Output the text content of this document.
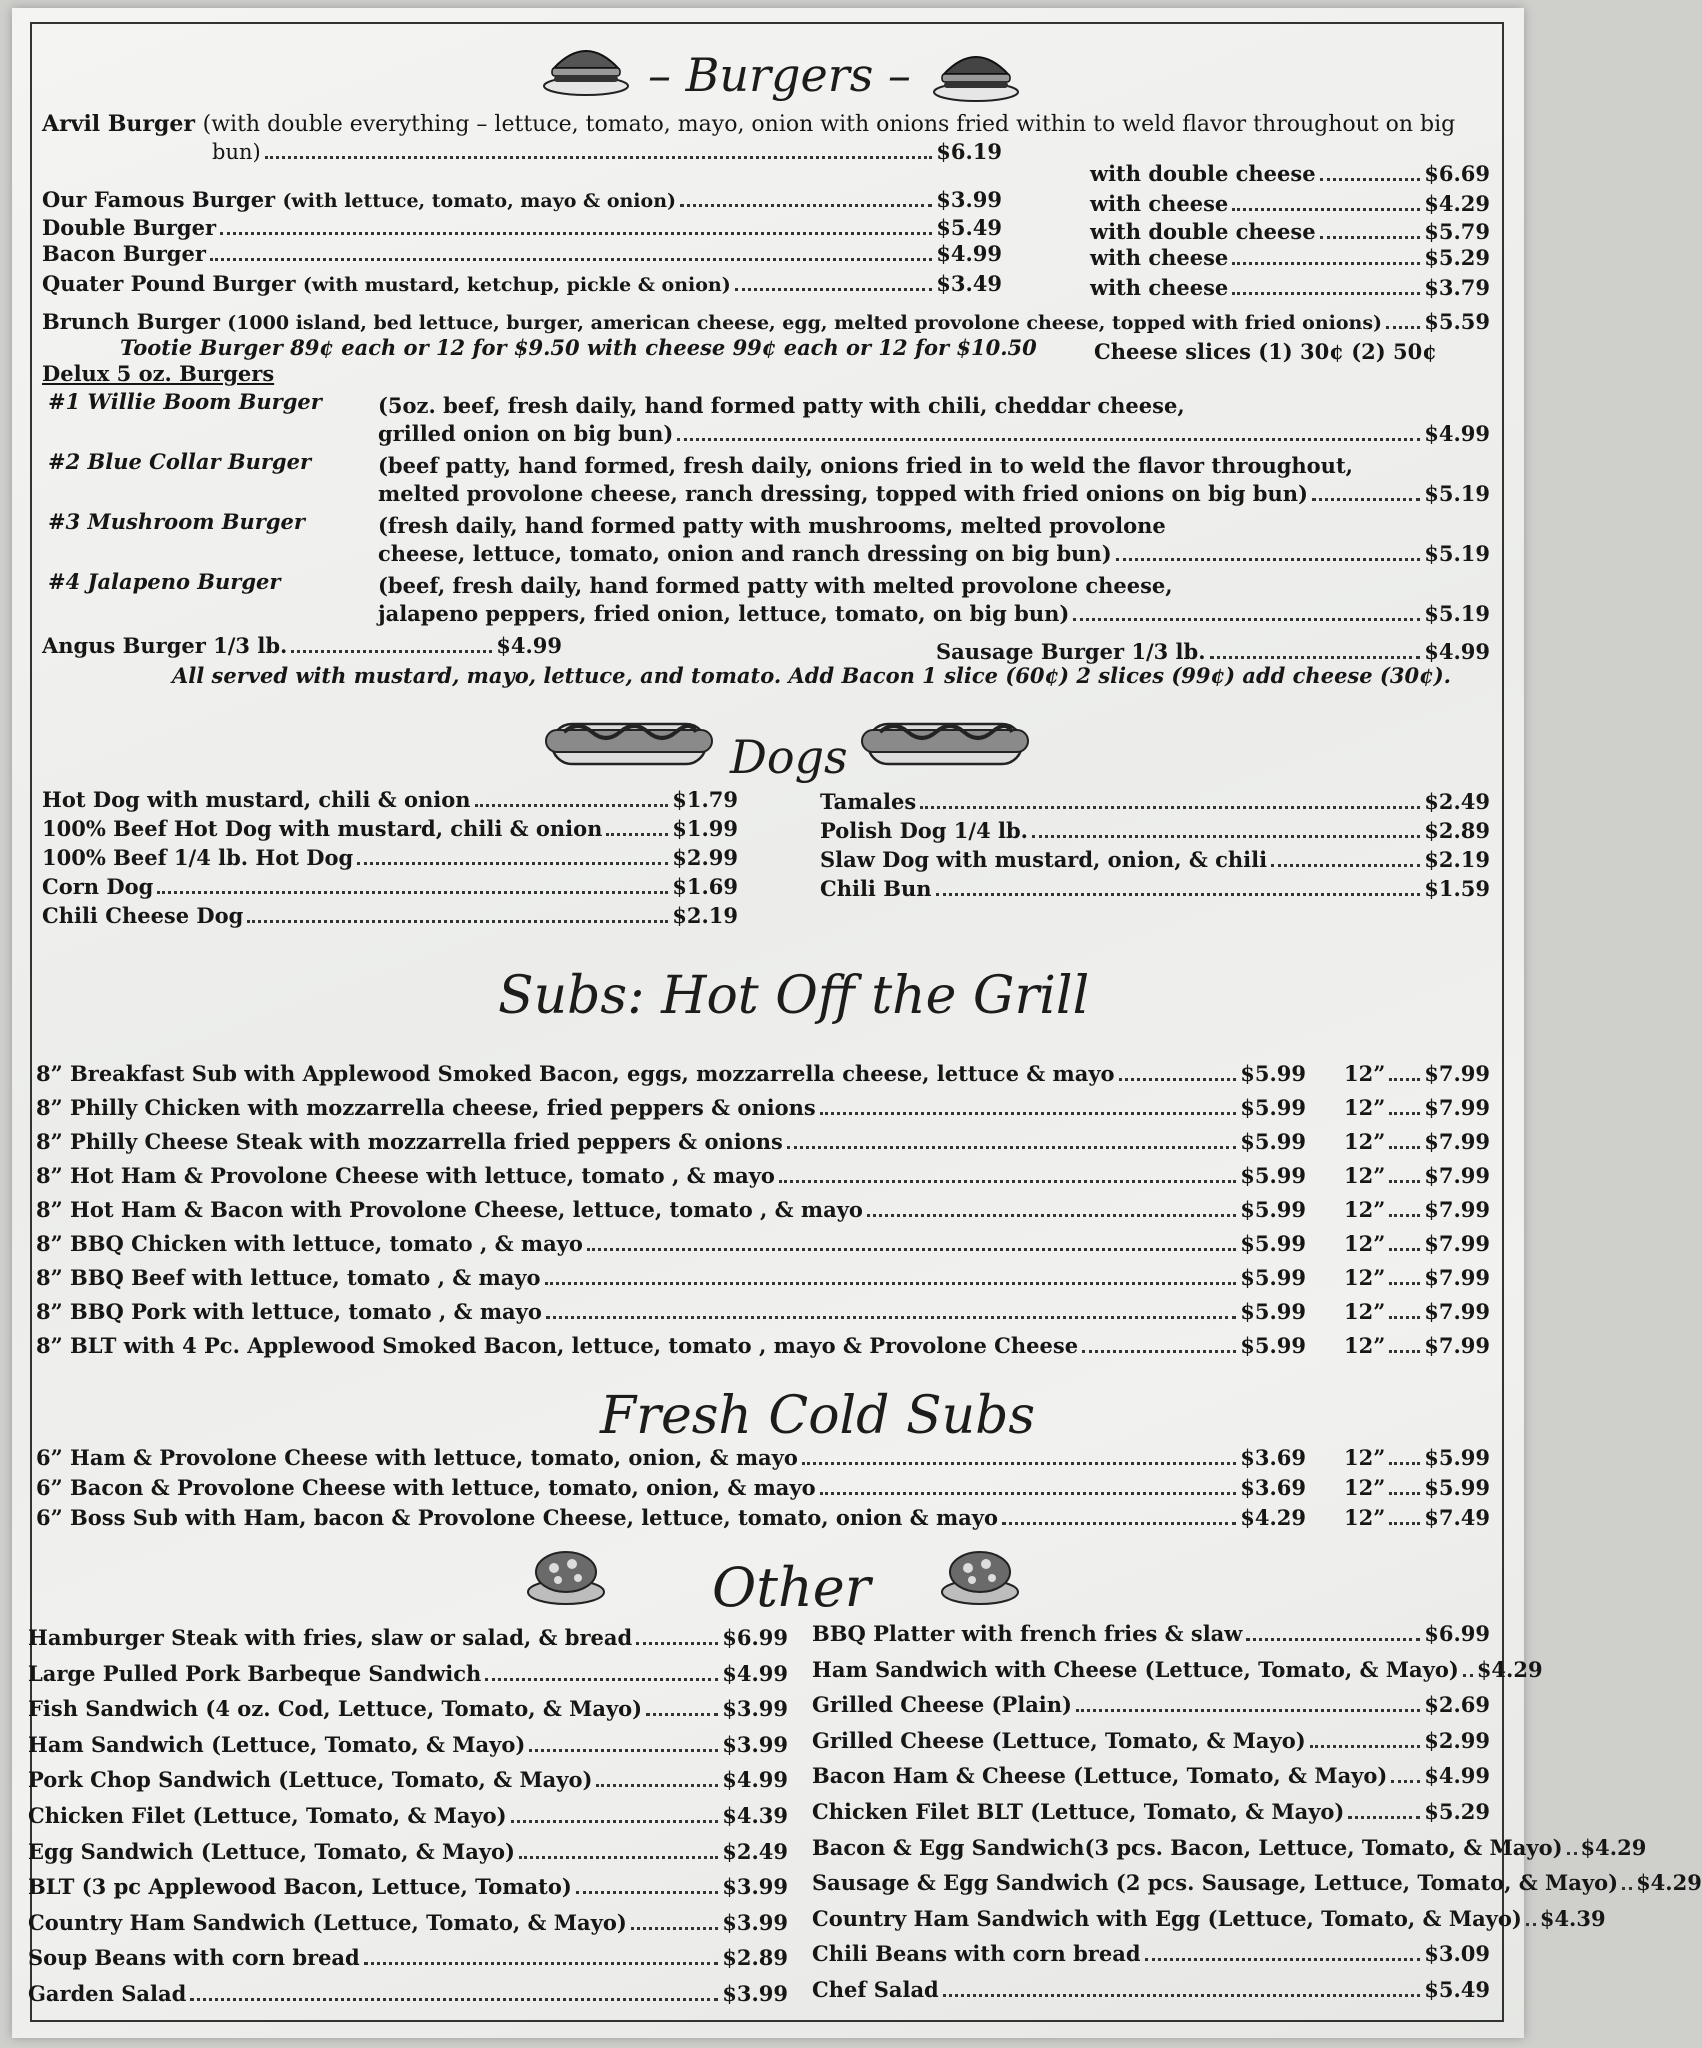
– Burgers –
Arvil Burger (with double everything – lettuce, tomato, mayo, onion with onions fried within to weld flavor throughout on big
bun)	$6.19
with double cheese	$6.69
Our Famous Burger (with lettuce, tomato, mayo & onion)	$3.99	with cheese	$4.29
Double Burger	$5.49	with double cheese	$5.79
Bacon Burger	$4.99	with cheese	$5.29
Quater Pound Burger (with mustard, ketchup, pickle & onion)	$3.49	with cheese	$3.79
Brunch Burger (1000 island, bed lettuce, burger, american cheese, egg, melted provolone cheese, topped with fried onions) $5.59
Tootie Burger 89¢ each or 12 for $9.50 with cheese 99¢ each or 12 for $10.50	Cheese slices (1) 30¢ (2) 50¢
Delux 5 oz. Burgers
#1 Willie Boom Burger	(5oz. beef, fresh daily, hand formed patty with chili, cheddar cheese,
grilled onion on big bun)	$4.99
#2 Blue Collar Burger	(beef patty, hand formed, fresh daily, onions fried in to weld the flavor throughout,
melted provolone cheese, ranch dressing, topped with fried onions on big bun)	$5.19
#3 Mushroom Burger	(fresh daily, hand formed patty with mushrooms, melted provolone
cheese, lettuce, tomato, onion and ranch dressing on big bun)	$5.19
#4 Jalapeno Burger	(beef, fresh daily, hand formed patty with melted provolone cheese,
jalapeno peppers, fried onion, lettuce, tomato, on big bun)	$5.19
Angus Burger 1/3 lb.	$4.99	Sausage Burger 1/3 lb.	$4.99
All served with mustard, mayo, lettuce, and tomato. Add Bacon 1 slice (60¢) 2 slices (99¢) add cheese (30¢).
Dogs
Hot Dog with mustard, chili & onion	$1.79
100% Beef Hot Dog with mustard, chili & onion	$1.99
100% Beef 1/4 lb. Hot Dog	$2.99
Corn Dog	$1.69
Chili Cheese Dog	$2.19
Tamales	$2.49
Polish Dog 1/4 lb.	$2.89
Slaw Dog with mustard, onion, & chili	$2.19
Chili Bun	$1.59
Subs: Hot Off the Grill
8” Breakfast Sub with Applewood Smoked Bacon, eggs, mozzarrella cheese, lettuce & mayo	$5.99 12” $7.99
8” Philly Chicken with mozzarrella cheese, fried peppers & onions	$5.99 12” $7.99
8” Philly Cheese Steak with mozzarrella fried peppers & onions	$5.99 12” $7.99
8” Hot Ham & Provolone Cheese with lettuce, tomato , & mayo	$5.99 12” $7.99
8” Hot Ham & Bacon with Provolone Cheese, lettuce, tomato , & mayo	$5.99 12” $7.99
8” BBQ Chicken with lettuce, tomato , & mayo	$5.99 12” $7.99
8” BBQ Beef with lettuce, tomato , & mayo	$5.99 12” $7.99
8” BBQ Pork with lettuce, tomato , & mayo	$5.99 12” $7.99
8” BLT with 4 Pc. Applewood Smoked Bacon, lettuce, tomato , mayo & Provolone Cheese	$5.99 12” $7.99
Fresh Cold Subs
6” Ham & Provolone Cheese with lettuce, tomato, onion, & mayo	$3.69 12” $5.99
6” Bacon & Provolone Cheese with lettuce, tomato, onion, & mayo	$3.69 12” $5.99
6” Boss Sub with Ham, bacon & Provolone Cheese, lettuce, tomato, onion & mayo	$4.29 12” $7.49
Other
Hamburger Steak with fries, slaw or salad, & bread	$6.99
Large Pulled Pork Barbeque Sandwich	$4.99
Fish Sandwich (4 oz. Cod, Lettuce, Tomato, & Mayo)	$3.99
Ham Sandwich (Lettuce, Tomato, & Mayo)	$3.99
Pork Chop Sandwich (Lettuce, Tomato, & Mayo)	$4.99
Chicken Filet (Lettuce, Tomato, & Mayo)	$4.39
Egg Sandwich (Lettuce, Tomato, & Mayo)	$2.49
BLT (3 pc Applewood Bacon, Lettuce, Tomato)	$3.99
Country Ham Sandwich (Lettuce, Tomato, & Mayo)	$3.99
Soup Beans with corn bread	$2.89
Garden Salad	$3.99
BBQ Platter with french fries & slaw	$6.99
Ham Sandwich with Cheese (Lettuce, Tomato, & Mayo) $4.29
Grilled Cheese (Plain)	$2.69
Grilled Cheese (Lettuce, Tomato, & Mayo)	$2.99
Bacon Ham & Cheese (Lettuce, Tomato, & Mayo) $4.99
Chicken Filet BLT (Lettuce, Tomato, & Mayo)	$5.29
Bacon & Egg Sandwich(3 pcs. Bacon, Lettuce, Tomato, & Mayo) $4.29
Sausage & Egg Sandwich (2 pcs. Sausage, Lettuce, Tomato, & Mayo) $4.29
Country Ham Sandwich with Egg (Lettuce, Tomato, & Mayo) $4.39
Chili Beans with corn bread	$3.09
Chef Salad	$5.49
